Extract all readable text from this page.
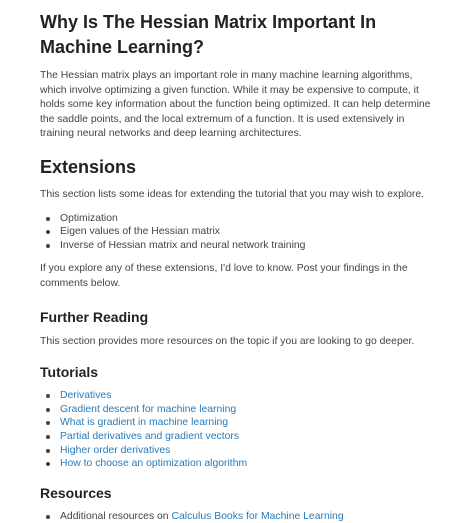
Why Is The Hessian Matrix Important In Machine Learning?

The Hessian matrix plays an important role in many machine learning algorithms, which involve optimizing a given function. While it may be expensive to compute, it holds some key information about the function being optimized. It can help determine the saddle points, and the local extremum of a function. It is used extensively in training neural networks and deep learning architectures.

Extensions

This section lists some ideas for extending the tutorial that you may wish to explore.

Optimization
Eigen values of the Hessian matrix
Inverse of Hessian matrix and neural network training

If you explore any of these extensions, I'd love to know. Post your findings in the comments below.

Further Reading

This section provides more resources on the topic if you are looking to go deeper.

Tutorials
Derivatives
Gradient descent for machine learning
What is gradient in machine learning
Partial derivatives and gradient vectors
Higher order derivatives
How to choose an optimization algorithm
Resources
Additional resources on Calculus Books for Machine Learning
